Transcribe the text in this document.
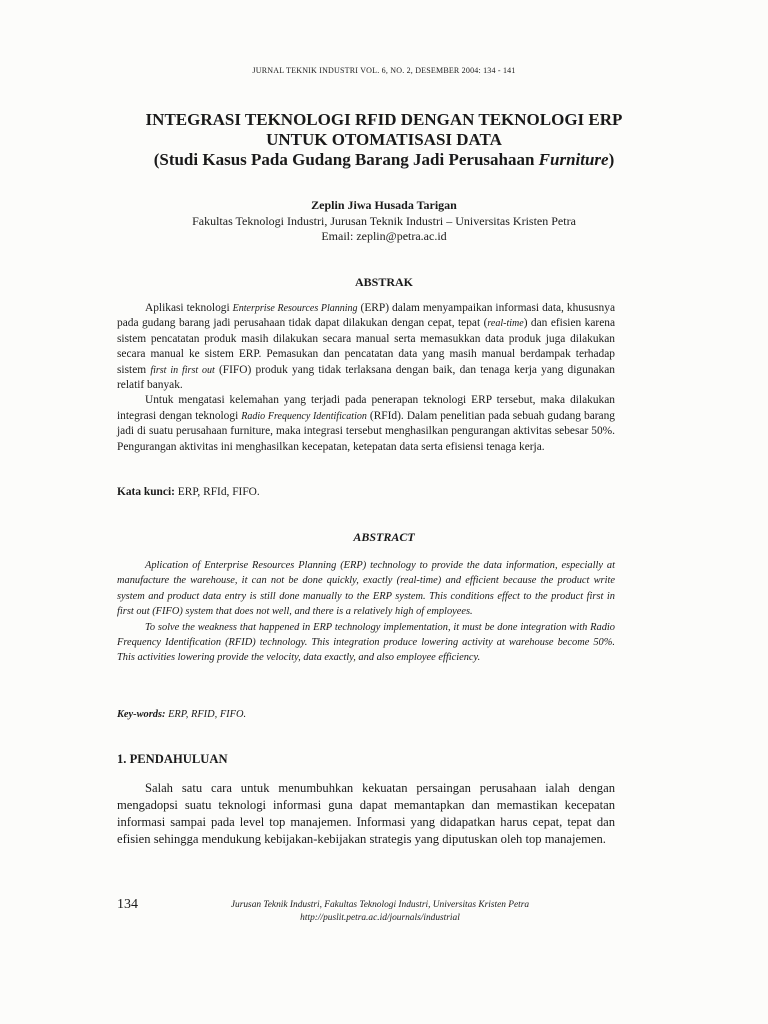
JURNAL TEKNIK INDUSTRI VOL. 6, NO. 2, DESEMBER 2004: 134 - 141
INTEGRASI TEKNOLOGI RFID DENGAN TEKNOLOGI ERP
UNTUK OTOMATISASI DATA
(Studi Kasus Pada Gudang Barang Jadi Perusahaan Furniture)
Zeplin Jiwa Husada Tarigan
Fakultas Teknologi Industri, Jurusan Teknik Industri – Universitas Kristen Petra
Email: zeplin@petra.ac.id
ABSTRAK

Aplikasi teknologi Enterprise Resources Planning (ERP) dalam menyampaikan informasi data, khususnya pada gudang barang jadi perusahaan tidak dapat dilakukan dengan cepat, tepat (real-time) dan efisien karena sistem pencatatan produk masih dilakukan secara manual serta memasukkan data produk juga dilakukan secara manual ke sistem ERP. Pemasukan dan pencatatan data yang masih manual berdampak terhadap sistem first in first out (FIFO) produk yang tidak terlaksana dengan baik, dan tenaga kerja yang digunakan relatif banyak.

Untuk mengatasi kelemahan yang terjadi pada penerapan teknologi ERP tersebut, maka dilakukan integrasi dengan teknologi Radio Frequency Identification (RFId). Dalam penelitian pada sebuah gudang barang jadi di suatu perusahaan furniture, maka integrasi tersebut menghasilkan pengurangan aktivitas sebesar 50%. Pengurangan aktivitas ini menghasilkan kecepatan, ketepatan data serta efisiensi tenaga kerja.

Kata kunci: ERP, RFId, FIFO.
ABSTRACT

Aplication of Enterprise Resources Planning (ERP) technology to provide the data information, especially at manufacture the warehouse, it can not be done quickly, exactly (real-time) and efficient because the product write system and product data entry is still done manually to the ERP system. This conditions effect to the product first in first out (FIFO) system that does not well, and there is a relatively high of employees.

To solve the weakness that happened in ERP technology implementation, it must be done integration with Radio Frequency Identification (RFID) technology. This integration produce lowering activity at warehouse become 50%. This activities lowering provide the velocity, data exactly, and also employee efficiency.

Key-words: ERP, RFID, FIFO.
1. PENDAHULUAN

Salah satu cara untuk menumbuhkan kekuatan persaingan perusahaan ialah dengan mengadopsi suatu teknologi informasi guna dapat memantapkan dan memastikan kecepatan informasi sampai pada level top manajemen. Informasi yang didapatkan harus cepat, tepat dan efisien sehingga mendukung kebijakan-kebijakan strategis yang diputuskan oleh top manajemen.

134	Jurusan Teknik Industri, Fakultas Teknologi Industri, Universitas Kristen Petra
http://puslit.petra.ac.id/journals/industrial
